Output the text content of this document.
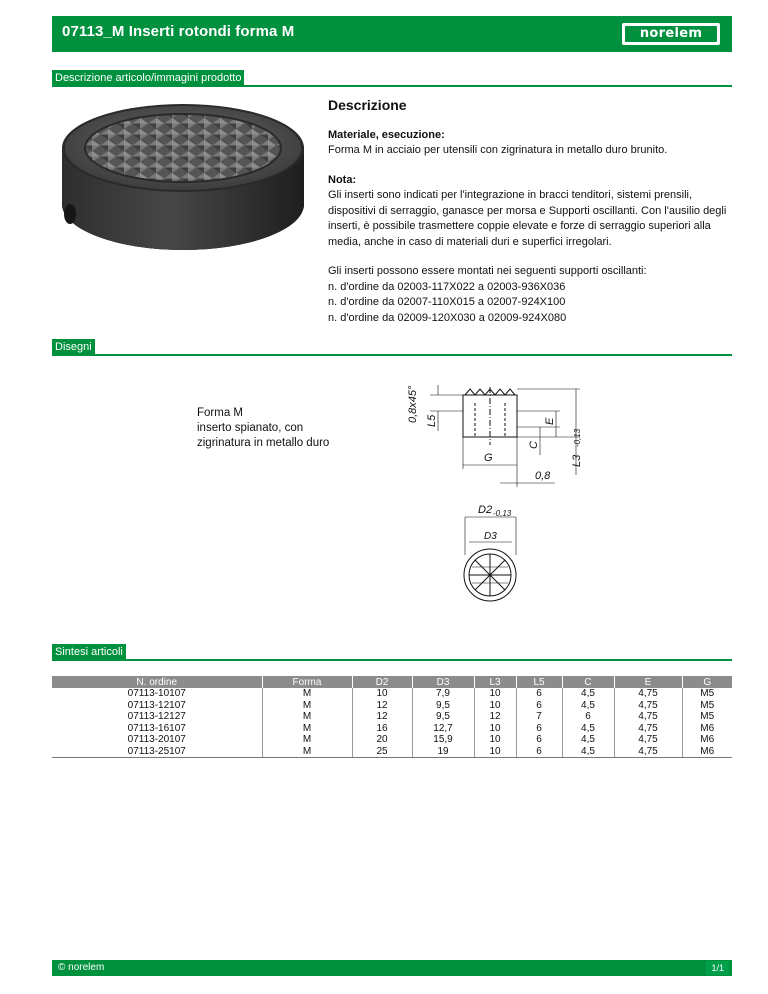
07113_M Inserti rotondi forma M	norelem
Descrizione articolo/immagini prodotto
Descrizione
Materiale, esecuzione:
Forma M in acciaio per utensili con zigrinatura in metallo duro brunito.
Nota:
Gli inserti sono indicati per l'integrazione in bracci tenditori, sistemi prensili,
dispositivi di serraggio, ganasce per morsa e Supporti oscillanti. Con l'ausilio degli
inserti, è possibile trasmettere coppie elevate e forze di serraggio superiori alla
media, anche in caso di materiali duri e superfici irregolari.
Gli inserti possono essere montati nei seguenti supporti oscillanti:
n. d'ordine da 02003-117X022 a 02003-936X036
n. d'ordine da 02007-110X015 a 02007-924X100
n. d'ordine da 02009-120X030 a 02009-924X080
Disegni
Forma M
inserto spianato, con
zigrinatura in metallo duro
0,8x45° L5	E
C
L3
-0,13
G
0,8
D2 -0,13
D3
Sintesi articoli
N. ordine	Forma	D2	D3	L3	L5	C	E	G
07113-10107	M	10	7,9	10	6	4,5	4,75	M5
07113-12107	M	12	9,5	10	6	4,5	4,75	M5
07113-12127	M	12	9,5	12	7	6	4,75	M5
07113-16107	M	16	12,7	10	6	4,5	4,75	M6
07113-20107	M	20	15,9	10	6	4,5	4,75	M6
07113-25107	M	25	19	10	6	4,5	4,75	M6
© norelem	1/1
